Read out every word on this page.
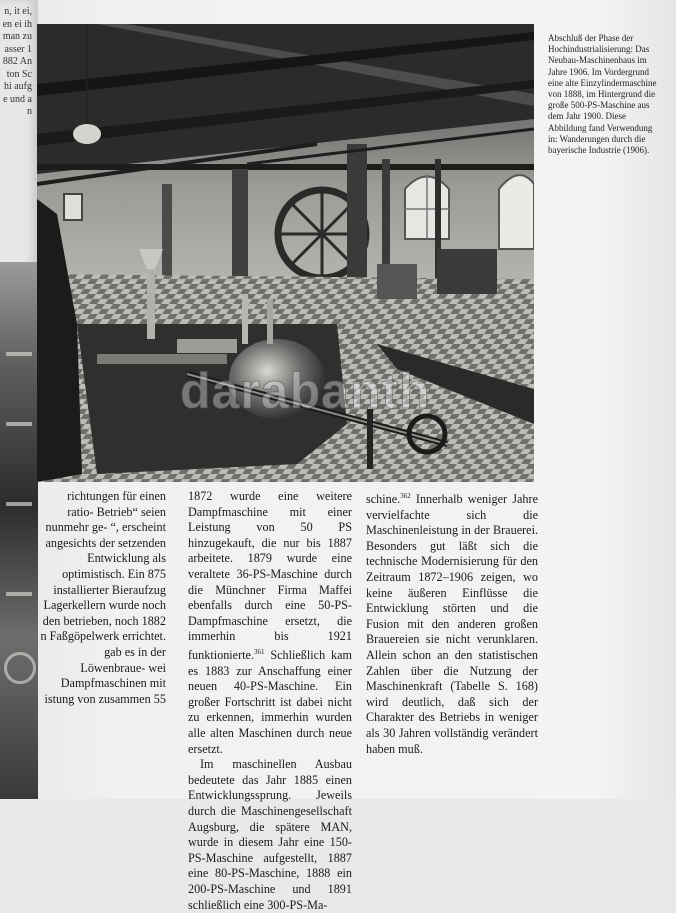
n, it ei, en ei ih man zu asser 1882 Anton Schi aufge und an
darabanth
Abschluß der Phase der Hochindustrialisierung: Das Neubau-Maschinenhaus im Jahre 1906. Im Vordergrund eine alte Einzylindermaschine von 1888, im Hintergrund die große 500-PS-Maschine aus dem Jahr 1900. Diese Abbildung fand Verwendung in: Wanderungen durch die bayerische Industrie (1906).

richtungen für einen ratio- Betrieb“ seien nunmehr ge- “, erscheint angesichts der setzenden Entwicklung als optimistisch. Ein 875 installierter Bieraufzug Lagerkellern wurde noch den betrieben, noch 1882 n Faßgöpelwerk errichtet. gab es in der Löwenbraue- wei Dampfmaschinen mit istung von zusammen 55

1872 wurde eine weitere Dampfmaschine mit einer Leistung von 50 PS hinzugekauft, die nur bis 1887 arbeitete. 1879 wurde eine veraltete 36-PS-Maschine durch die Münchner Firma Maffei ebenfalls durch eine 50-PS-Dampfmaschine ersetzt, die immerhin bis 1921 funktionierte.$^{361}$ Schließlich kam es 1883 zur Anschaffung einer neuen 40-PS-Maschine. Ein großer Fortschritt ist dabei nicht zu erkennen, immerhin wurden alle alten Maschinen durch neue ersetzt.

Im maschinellen Ausbau bedeutete das Jahr 1885 einen Entwicklungssprung. Jeweils durch die Maschinengesellschaft Augsburg, die spätere MAN, wurde in diesem Jahr eine 150-PS-Maschine aufgestellt, 1887 eine 80-PS-Maschine, 1888 ein 200-PS-Maschine und 1891 schließlich eine 300-PS-Ma-

schine.$^{362}$ Innerhalb weniger Jahre vervielfachte sich die Maschinenleistung in der Brauerei. Besonders gut läßt sich die technische Modernisierung für den Zeitraum 1872–1906 zeigen, wo keine äußeren Einflüsse die Entwicklung störten und die Fusion mit den anderen großen Brauereien sie nicht verunklaren. Allein schon an den statistischen Zahlen über die Nutzung der Maschinenkraft (Tabelle S. 168) wird deutlich, daß sich der Charakter des Betriebs in weniger als 30 Jahren vollständig verändert haben muß.
